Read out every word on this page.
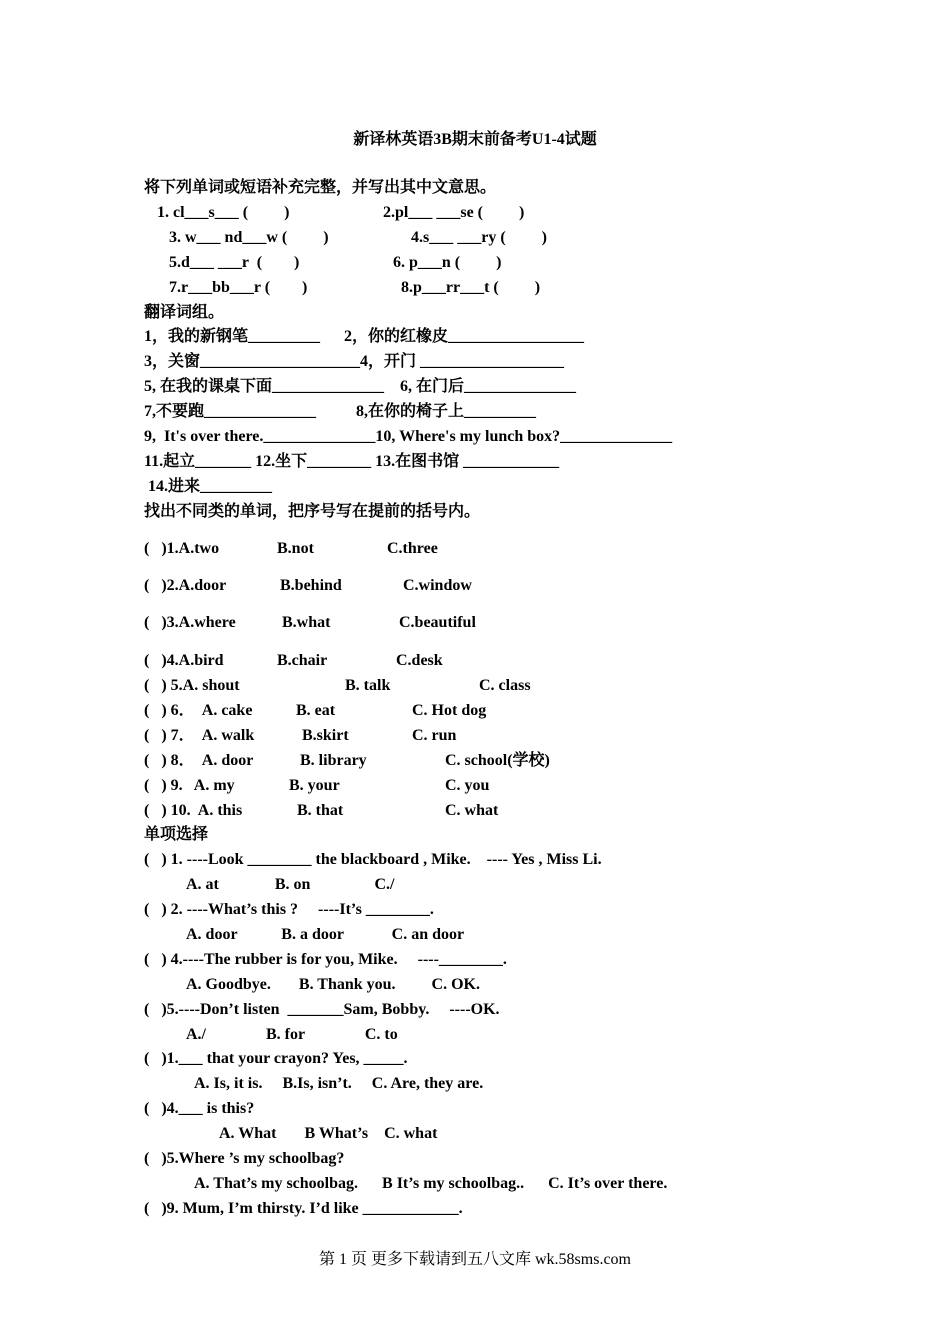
新译林英语3B期末前备考U1-4试题
将下列单词或短语补充完整，并写出其中文意思。
1. cl___s___ (         )	2.pl___ ___se (         )
3. w___ nd___w (         )	4.s___ ___ry (         )
5.d___ ___r  (        )	6. p___n (         )
7.r___bb___r (        )	8.p___rr___t (         )
翻译词组。
1，我的新钢笔_________      2，你的红橡皮_________________
3，关窗____________________4，开门 __________________
5, 在我的课桌下面______________    6, 在门后______________
7,不要跑______________          8,在你的椅子上_________
9,  It's over there.______________10, Where's my lunch box?______________
11.起立_______ 12.坐下________ 13.在图书馆 ____________
14.进来_________
找出不同类的单词，把序号写在提前的括号内。
(   )1.A.two	B.not	C.three
(   )2.A.door	B.behind	C.window
(   )3.A.where	B.what	C.beautiful
(   )4.A.bird	B.chair	C.desk
(   ) 5.A. shout	B. talk	C. class
(   ) 6．  A. cake	B. eat	C. Hot dog
(   ) 7．  A. walk	B.skirt	C. run
(   ) 8．  A. door	B. library	C. school(学校)
(   ) 9.   A. my	B. your	C. you
(   ) 10.  A. this	B. that	C. what
单项选择
(   ) 1. ----Look ________ the blackboard , Mike.    ---- Yes , Miss Li.
A. at              B. on                C./
(   ) 2. ----What’s this ?     ----It’s ________.
A. door           B. a door            C. an door
(   ) 4.----The rubber is for you, Mike.     ----________.
A. Goodbye.       B. Thank you.         C. OK.
(   )5.----Don’t listen  _______Sam, Bobby.     ----OK.
A./               B. for               C. to
(   )1.___ that your crayon? Yes, _____.
A. Is, it is.     B.Is, isn’t.     C. Are, they are.
(   )4.___ is this?
A. What       B What’s    C. what
(   )5.Where ’s my schoolbag?
A. That’s my schoolbag.      B It’s my schoolbag..      C. It’s over there.
(   )9. Mum, I’m thirsty. I’d like ____________.
第 1 页 更多下载请到五八文库 wk.58sms.com
